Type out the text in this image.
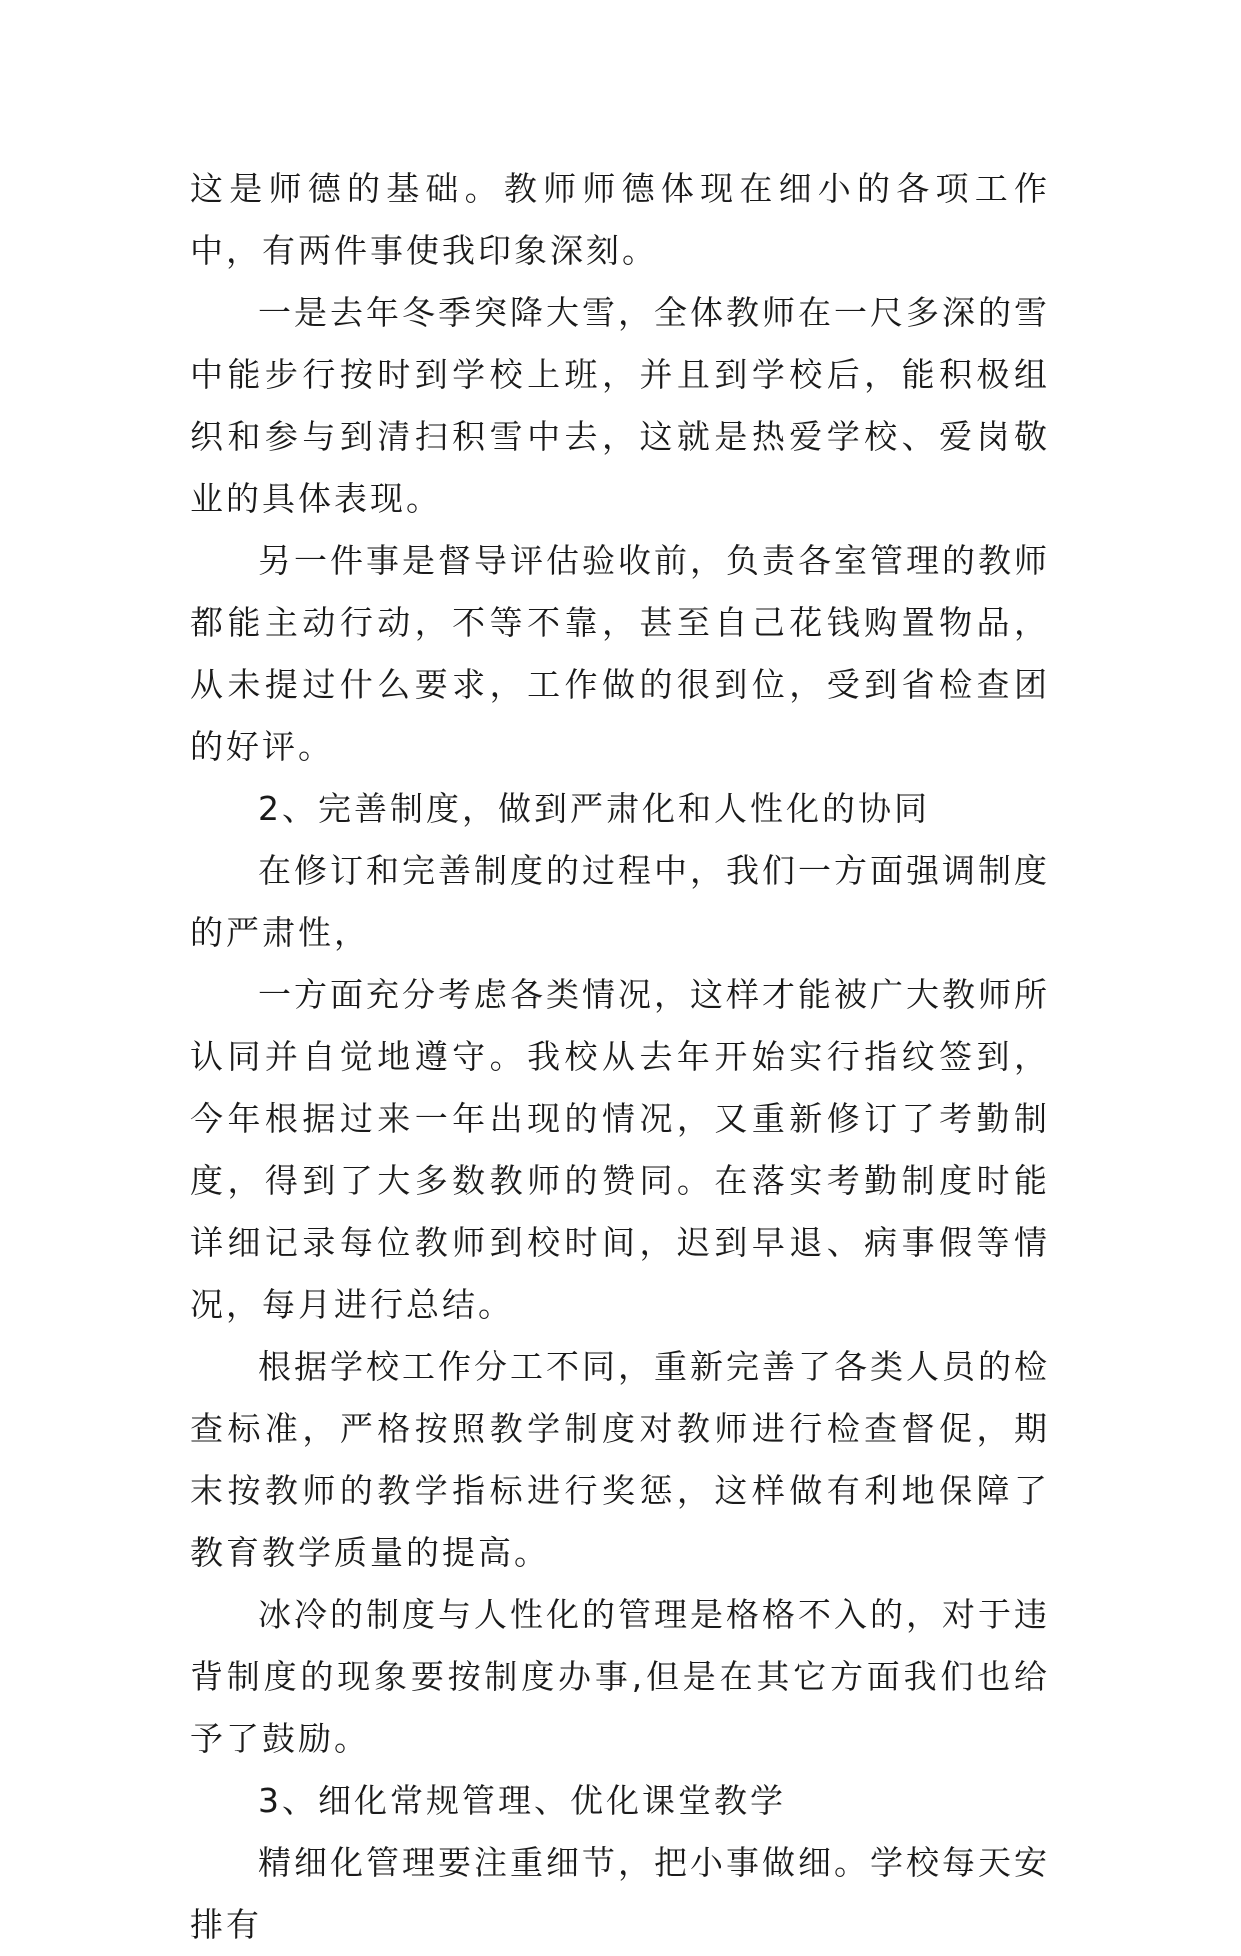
这是师德的基础。教师师德体现在细小的各项工作中，有两件事使我印象深刻。

一是去年冬季突降大雪，全体教师在一尺多深的雪中能步行按时到学校上班，并且到学校后，能积极组织和参与到清扫积雪中去，这就是热爱学校、爱岗敬业的具体表现。

另一件事是督导评估验收前，负责各室管理的教师都能主动行动，不等不靠，甚至自己花钱购置物品，从未提过什么要求，工作做的很到位，受到省检查团的好评。

2、完善制度，做到严肃化和人性化的协同

在修订和完善制度的过程中，我们一方面强调制度的严肃性，

一方面充分考虑各类情况，这样才能被广大教师所认同并自觉地遵守。我校从去年开始实行指纹签到，今年根据过来一年出现的情况，又重新修订了考勤制度，得到了大多数教师的赞同。在落实考勤制度时能详细记录每位教师到校时间，迟到早退、病事假等情况，每月进行总结。

根据学校工作分工不同，重新完善了各类人员的检查标准，严格按照教学制度对教师进行检查督促，期末按教师的教学指标进行奖惩，这样做有利地保障了教育教学质量的提高。

冰冷的制度与人性化的管理是格格不入的，对于违背制度的现象要按制度办事,但是在其它方面我们也给予了鼓励。

3、细化常规管理、优化课堂教学

精细化管理要注重细节，把小事做细。学校每天安排有
